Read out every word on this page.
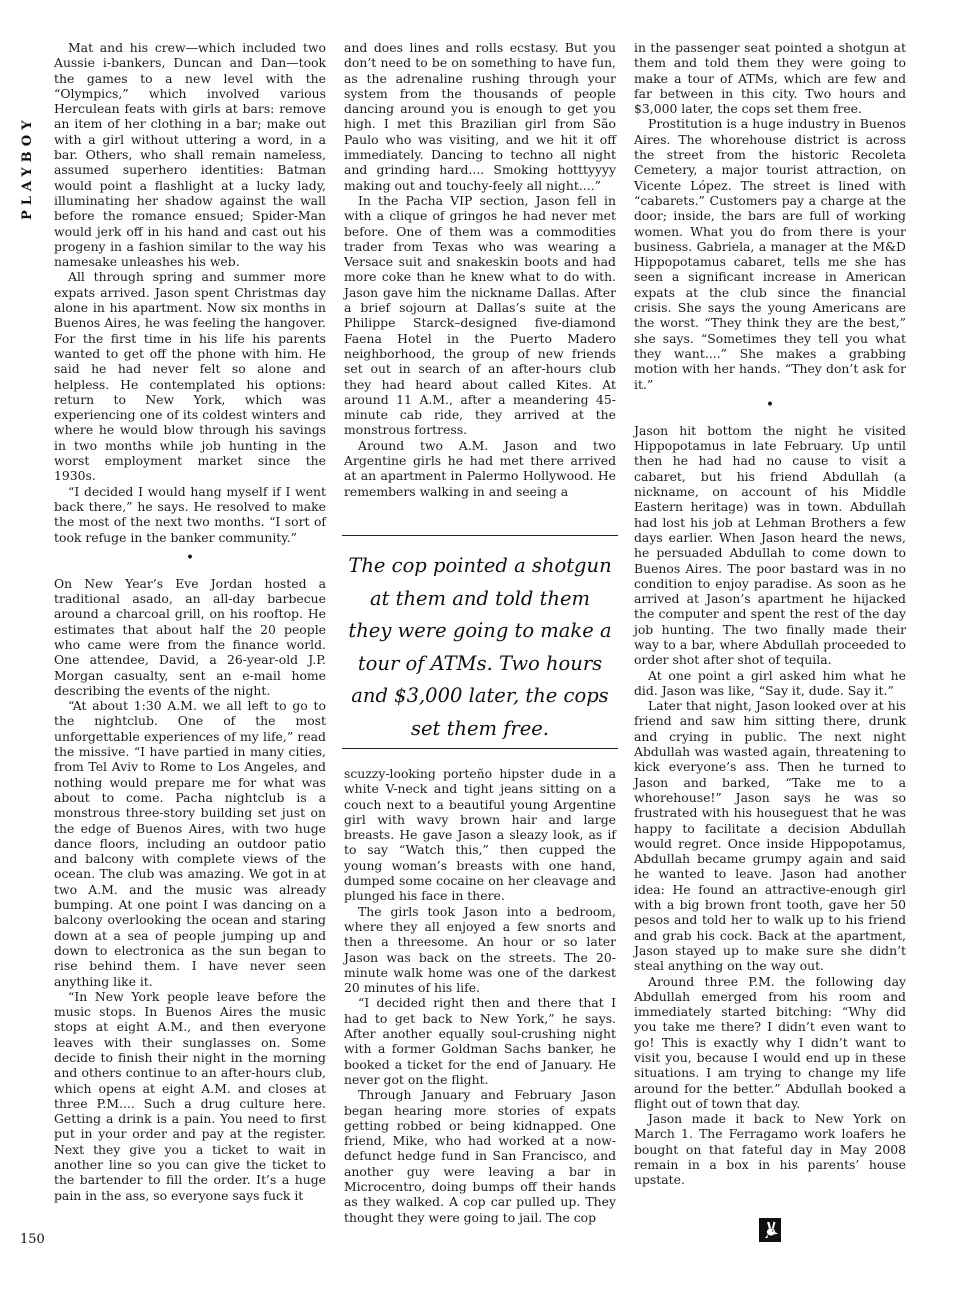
PLAYBOY

Mat and his crew—which included two Aussie i-bankers, Duncan and Dan—took the games to a new level with the “Olympics,” which involved various Herculean feats with girls at bars: remove an item of her clothing in a bar; make out with a girl without uttering a word, in a bar. Others, who shall remain nameless, assumed superhero identities: Batman would point a flashlight at a lucky lady, illuminating her shadow against the wall before the romance ensued; Spider-Man would jerk off in his hand and cast out his progeny in a fashion similar to the way his namesake unleashes his web.

All through spring and summer more expats arrived. Jason spent Christmas day alone in his apartment. Now six months in Buenos Aires, he was feeling the hangover. For the first time in his life his parents wanted to get off the phone with him. He said he had never felt so alone and helpless. He contemplated his options: return to New York, which was experiencing one of its coldest winters and where he would blow through his savings in two months while job hunting in the worst employment market since the 1930s.

“I decided I would hang myself if I went back there,” he says. He resolved to make the most of the next two months. “I sort of took refuge in the banker community.”

•

On New Year’s Eve Jordan hosted a traditional asado, an all-day barbecue around a charcoal grill, on his rooftop. He estimates that about half the 20 people who came were from the finance world. One attendee, David, a 26-year-old J.P. Morgan casualty, sent an e-mail home describing the events of the night.

“At about 1:30 A.M. we all left to go to the nightclub. One of the most unforgettable experiences of my life,” read the missive. “I have partied in many cities, from Tel Aviv to Rome to Los Angeles, and nothing would prepare me for what was about to come. Pacha nightclub is a monstrous three-story building set just on the edge of Buenos Aires, with two huge dance floors, including an outdoor patio and balcony with complete views of the ocean. The club was amazing. We got in at two A.M. and the music was already bumping. At one point I was dancing on a balcony overlooking the ocean and staring down at a sea of people jumping up and down to electronica as the sun began to rise behind them. I have never seen anything like it.

“In New York people leave before the music stops. In Buenos Aires the music stops at eight A.M., and then everyone leaves with their sunglasses on. Some decide to finish their night in the morning and others continue to an after-hours club, which opens at eight A.M. and closes at three P.M.... Such a drug culture here. Getting a drink is a pain. You need to first put in your order and pay at the register. Next they give you a ticket to wait in another line so you can give the ticket to the bartender to fill the order. It’s a huge pain in the ass, so everyone says fuck it

and does lines and rolls ecstasy. But you don’t need to be on something to have fun, as the adrenaline rushing through your system from the thousands of people dancing around you is enough to get you high. I met this Brazilian girl from São Paulo who was visiting, and we hit it off immediately. Dancing to techno all night and grinding hard.... Smoking hotttyyyy making out and touchy-feely all night....”

In the Pacha VIP section, Jason fell in with a clique of gringos he had never met before. One of them was a commodities trader from Texas who was wearing a Versace suit and snakeskin boots and had more coke than he knew what to do with. Jason gave him the nickname Dallas. After a brief sojourn at Dallas’s suite at the Philippe Starck–designed five-diamond Faena Hotel in the Puerto Madero neighborhood, the group of new friends set out in search of an after-hours club they had heard about called Kites. At around 11 A.M., after a meandering 45-minute cab ride, they arrived at the monstrous fortress.

Around two A.M. Jason and two Argentine girls he had met there arrived at an apartment in Palermo Hollywood. He remembers walking in and seeing a

The cop pointed a shotgun at them and told them they were going to make a tour of ATMs. Two hours and $3,000 later, the cops set them free.

scuzzy-looking porteño hipster dude in a white V-neck and tight jeans sitting on a couch next to a beautiful young Argentine girl with wavy brown hair and large breasts. He gave Jason a sleazy look, as if to say “Watch this,” then cupped the young woman’s breasts with one hand, dumped some cocaine on her cleavage and plunged his face in there.

The girls took Jason into a bedroom, where they all enjoyed a few snorts and then a threesome. An hour or so later Jason was back on the streets. The 20-minute walk home was one of the darkest 20 minutes of his life.

“I decided right then and there that I had to get back to New York,” he says. After another equally soul-crushing night with a former Goldman Sachs banker, he booked a ticket for the end of January. He never got on the flight.

Through January and February Jason began hearing more stories of expats getting robbed or being kidnapped. One friend, Mike, who had worked at a now-defunct hedge fund in San Francisco, and another guy were leaving a bar in Microcentro, doing bumps off their hands as they walked. A cop car pulled up. They thought they were going to jail. The cop

in the passenger seat pointed a shotgun at them and told them they were going to make a tour of ATMs, which are few and far between in this city. Two hours and $3,000 later, the cops set them free.

Prostitution is a huge industry in Buenos Aires. The whorehouse district is across the street from the historic Recoleta Cemetery, a major tourist attraction, on Vicente López. The street is lined with “cabarets.” Customers pay a charge at the door; inside, the bars are full of working women. What you do from there is your business. Gabriela, a manager at the M&D Hippopotamus cabaret, tells me she has seen a significant increase in American expats at the club since the financial crisis. She says the young Americans are the worst. “They think they are the best,” she says. “Sometimes they tell you what they want....” She makes a grabbing motion with her hands. “They don’t ask for it.”

•

Jason hit bottom the night he visited Hippopotamus in late February. Up until then he had had no cause to visit a cabaret, but his friend Abdullah (a nickname, on account of his Middle Eastern heritage) was in town. Abdullah had lost his job at Lehman Brothers a few days earlier. When Jason heard the news, he persuaded Abdullah to come down to Buenos Aires. The poor bastard was in no condition to enjoy paradise. As soon as he arrived at Jason’s apartment he hijacked the computer and spent the rest of the day job hunting. The two finally made their way to a bar, where Abdullah proceeded to order shot after shot of tequila.

At one point a girl asked him what he did. Jason was like, “Say it, dude. Say it.”

Later that night, Jason looked over at his friend and saw him sitting there, drunk and crying in public. The next night Abdullah was wasted again, threatening to kick everyone’s ass. Then he turned to Jason and barked, “Take me to a whorehouse!” Jason says he was so frustrated with his houseguest that he was happy to facilitate a decision Abdullah would regret. Once inside Hippopotamus, Abdullah became grumpy again and said he wanted to leave. Jason had another idea: He found an attractive-enough girl with a big brown front tooth, gave her 50 pesos and told her to walk up to his friend and grab his cock. Back at the apartment, Jason stayed up to make sure she didn’t steal anything on the way out.

Around three P.M. the following day Abdullah emerged from his room and immediately started bitching: “Why did you take me there? I didn’t even want to go! This is exactly why I didn’t want to visit you, because I would end up in these situations. I am trying to change my life around for the better.” Abdullah booked a flight out of town that day.

Jason made it back to New York on March 1. The Ferragamo work loafers he bought on that fateful day in May 2008 remain in a box in his parents’ house upstate.

150
